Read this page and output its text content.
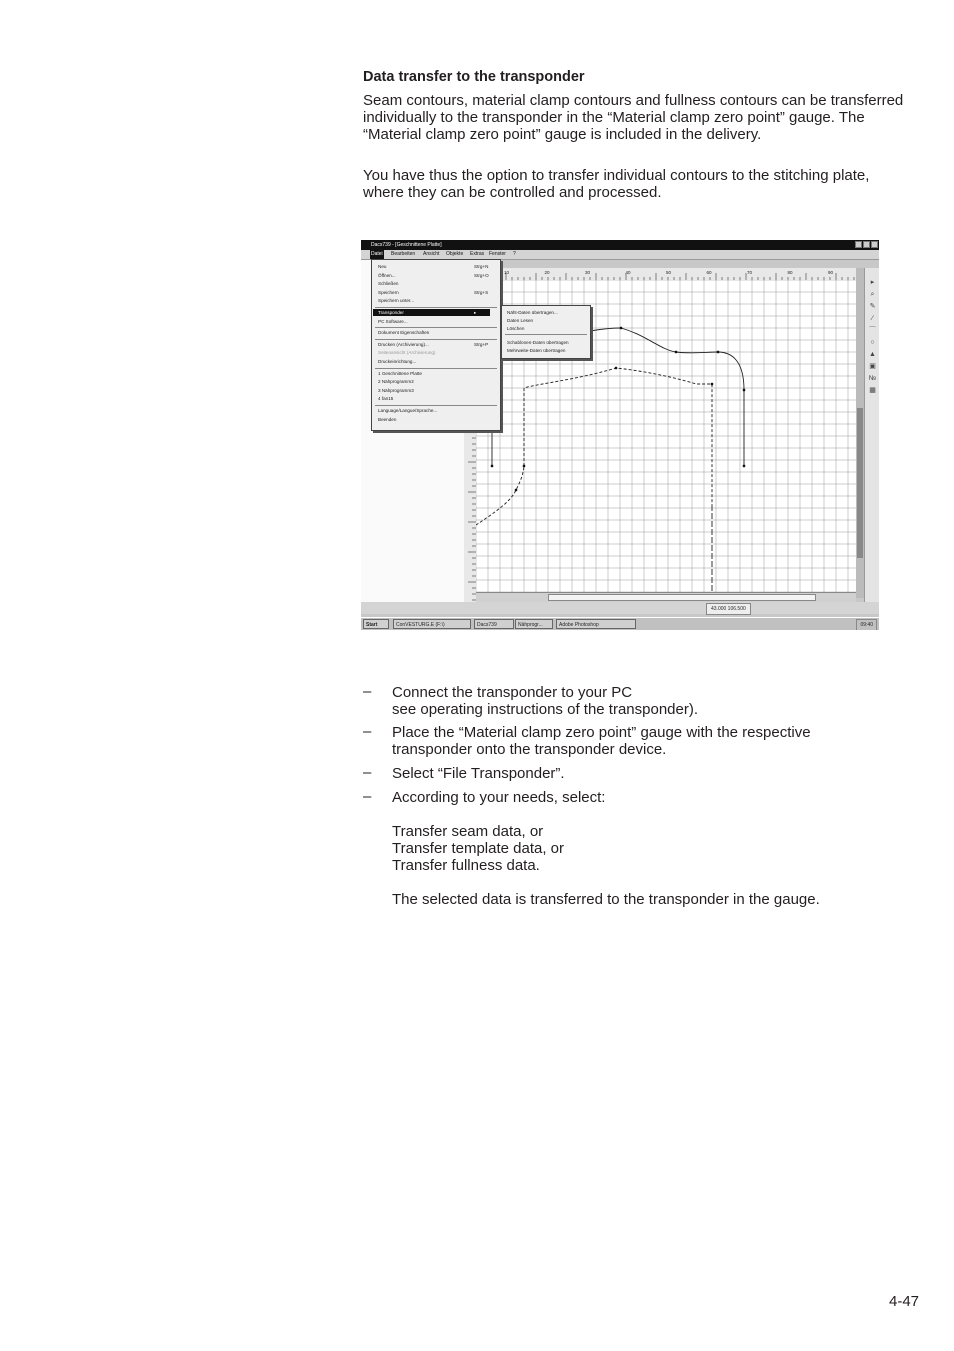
Data transfer to the transponder

Seam contours, material clamp contours and fullness contours can be transferred individually to the transponder in the “Material clamp zero point” gauge. The “Material clamp zero point” gauge is included in the delivery.

You have thus the option to transfer individual contours to the stitching plate, where they can be controlled and processed.

Dacs739 - [Geschnittene Platte]
Datei Bearbeiten Ansicht Objekte Extras Fenster ?
10	20	30	40	50	60	70	80	90
▸
⌕
✎
∕
⌒
○
▲
▣
№
▦
43.000 106.500
Start	ConVESTURG.E (F:\)	Dacs739	Nähprogr...	Adobe Photoshop	09:40
Neu	Strg+N
Öffnen...	Strg+O
Schließen
Speichern	Strg+S
Speichern unter...
Transponder	▸
PC Software...
Dokument Eigenschaften
Drucken (Archivierung)...	Strg+P
Seitenansicht (Archivierung)
Druckeinrichtung...
1 Geschnittene Platte
2 Nähprogramm2
3 Nähprogramm3
4 fan15
Language/Langue/Sprache...
Beenden
Näht-Daten übertragen...
Daten Lesen
Löschen
Schablonen-Daten übertragen
Mehrweite-Daten übertragen
– Connect the transponder to your PC
see operating instructions of the transponder).
– Place the “Material clamp zero point” gauge with the respective
transponder onto the transponder device.
– Select “File Transponder”.
– According to your needs, select:
Transfer seam data, or
Transfer template data, or
Transfer fullness data.

The selected data is transferred to the transponder in the gauge.

4-47
